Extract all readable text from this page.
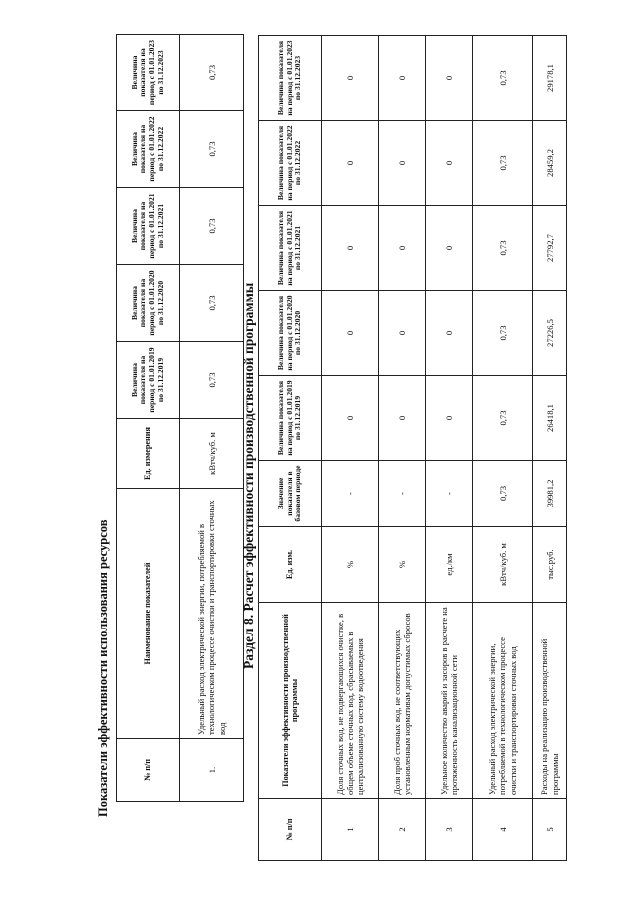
Показатели эффективности использования ресурсов	№ п/п	Наименование показателей	Ед. измерения	Величина показателя на период с 01.01.2019 по 31.12.2019	Величина показателя на период с 01.01.2020 по 31.12.2020	Величина показателя на период с 01.01.2021 по 31.12.2021	Величина показателя на период с 01.01.2022 по 31.12.2022	Величина показателя на период с 01.01.2023 по 31.12.2023
1.	Удельный расход электрической энергии, потребляемой в технологическом процессе очистки и транспортировки сточных вод	кВтч/куб. м	0,73	0,73	0,73	0,73	0,73
Раздел 8. Расчет эффективности производственной программы
№ п/п	Показатели эффективности производственной программы	Ед. изм.	Значение показателя в базовом периоде	Величина показателя на период с 01.01.2019 по 31.12.2019	Величина показателя на период с 01.01.2020 по 31.12.2020	Величина показателя на период с 01.01.2021 по 31.12.2021	Величина показателя на период с 01.01.2022 по 31.12.2022	Величина показателя на период с 01.01.2023 по 31.12.2023
1	Доля сточных вод, не подвергающихся очистке, в общем объеме сточных вод, сбрасываемых в централизованную систему водоотведения	%	-	0	0	0	0	0
2	Доля проб сточных вод, не соответствующих установленным нормативам допустимых сбросов	%	-	0	0	0	0	0
3	Удельное количество аварий и засоров в расчете на протяженность канализационной сети	ед./км	-	0	0	0	0	0
4	Удельный расход электрической энергии, потребляемой в технологическом процессе очистки и транспортировки сточных вод	кВтч/куб. м	0,73	0,73	0,73	0,73	0,73	0,73
5	Расходы на реализацию производственной программы	тыс.руб.	39981,2	26418,1	27226,5	27792,7	28459,2	29178,1
